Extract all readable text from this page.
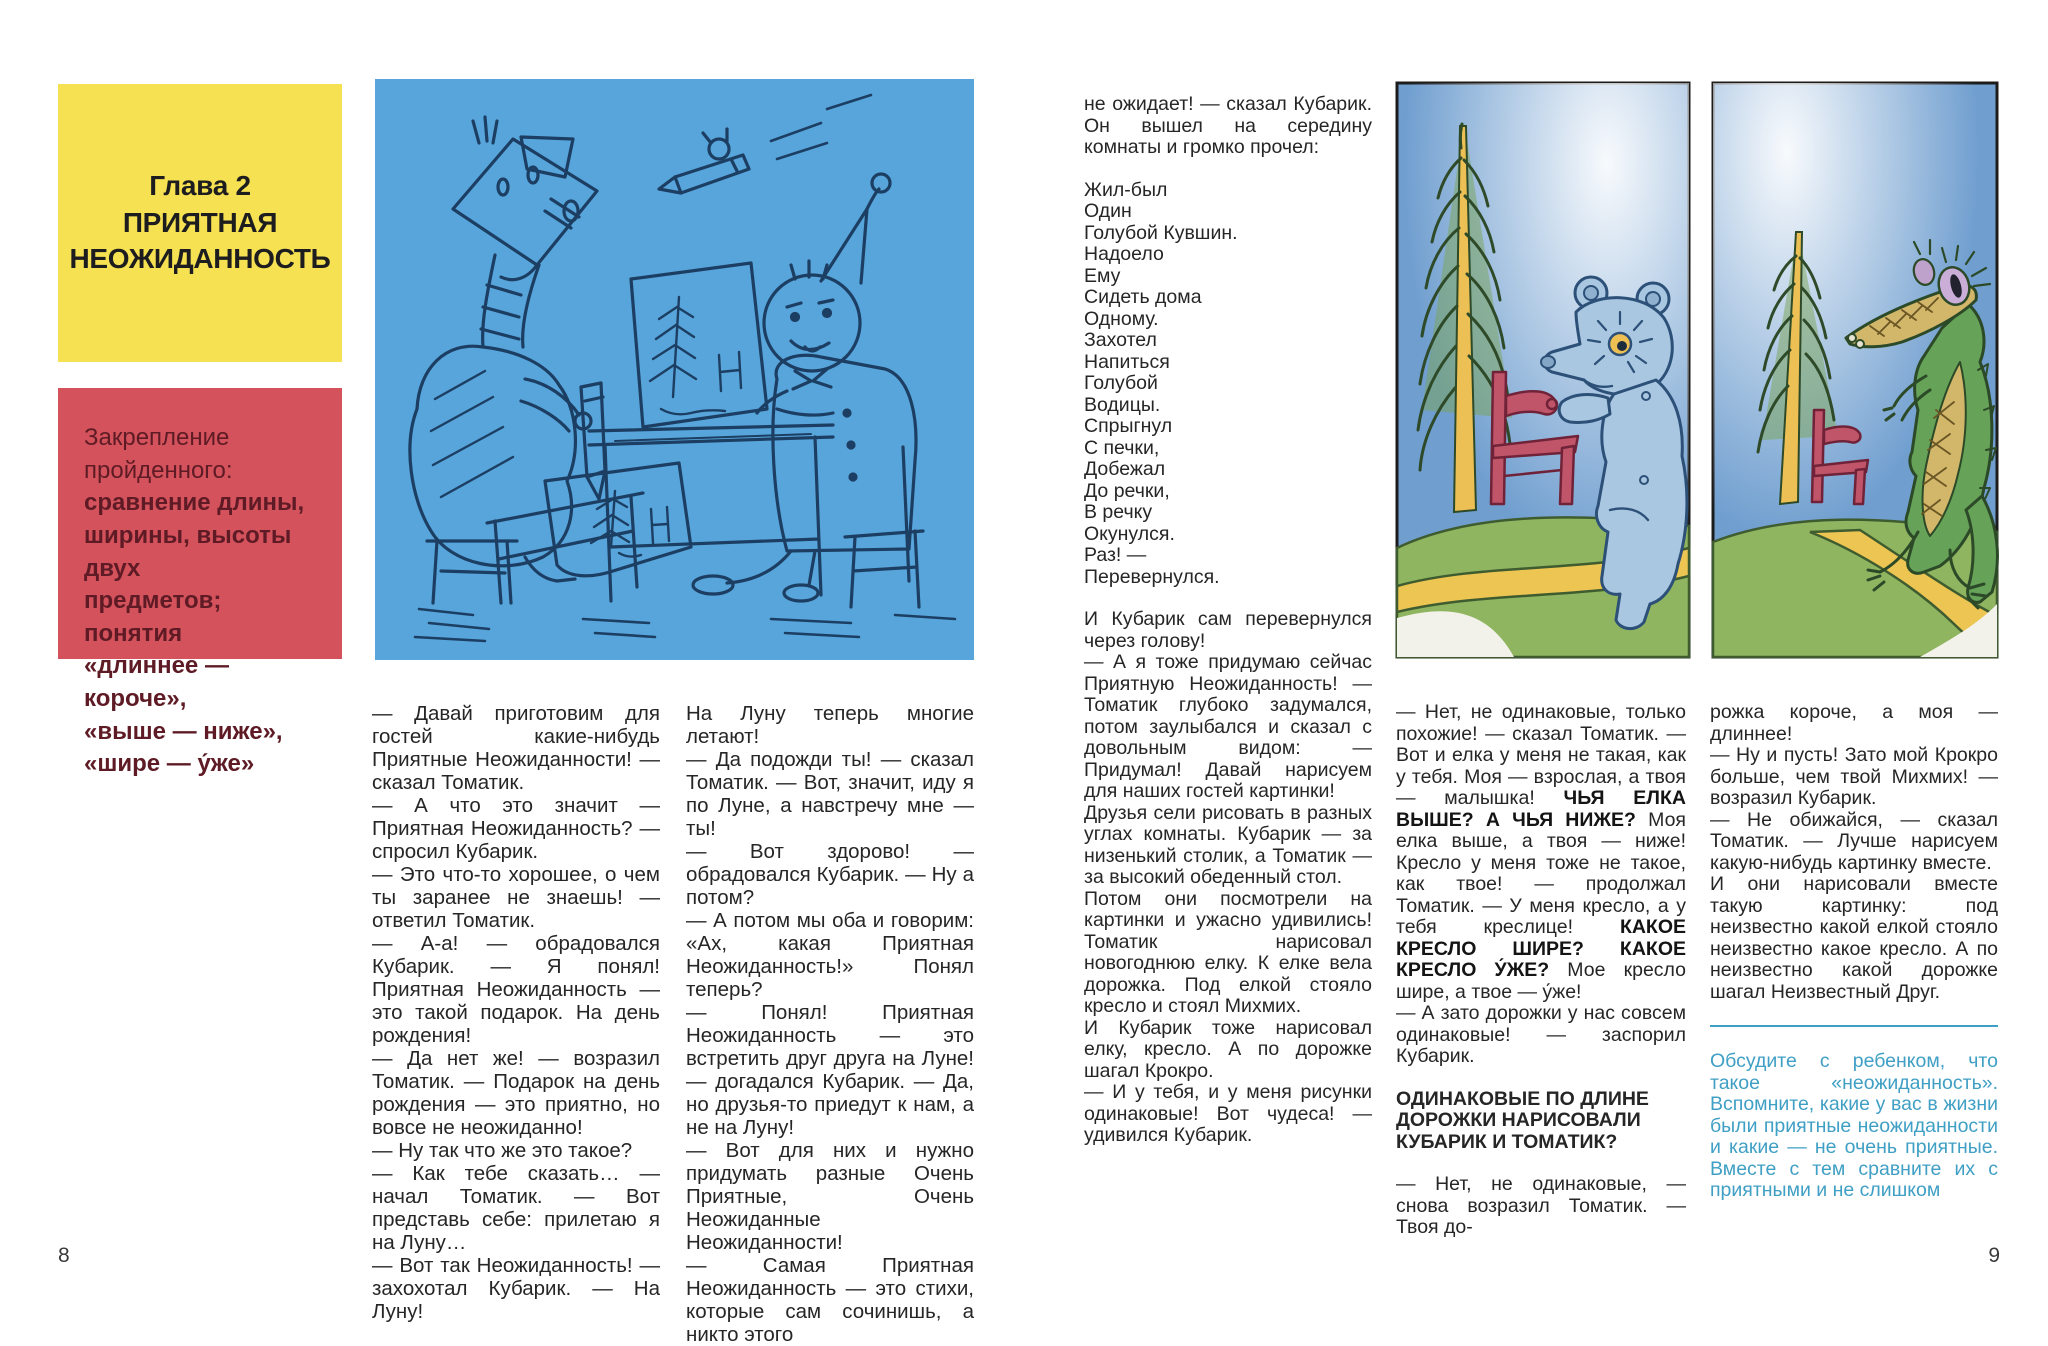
Глава 2
ПРИЯТНАЯ
НЕОЖИДАННОСТЬ
Закрепление
пройденного:
сравнение длины,
ширины, высоты двух
предметов; понятия
«длиннее — короче»,
«выше — ниже»,
«шире — у́же»

— Давай приготовим для гостей какие-нибудь Приятные Неожиданности! — сказал Томатик.

— А что это значит — Приятная Неожиданность? — спросил Кубарик.

— Это что-то хорошее, о чем ты заранее не знаешь! — ответил Томатик.

— А-а! — обрадовался Кубарик. — Я понял! Приятная Неожиданность — это такой подарок. На день рождения!

— Да нет же! — возразил Томатик. — Подарок на день рождения — это приятно, но вовсе не неожиданно!

— Ну так что же это такое?

— Как тебе сказать… — начал Томатик. — Вот представь себе: прилетаю я на Луну…

— Вот так Неожиданность! — захохотал Кубарик. — На Луну!

На Луну теперь многие летают!

— Да подожди ты! — сказал Томатик. — Вот, значит, иду я по Луне, а навстречу мне — ты!

— Вот здорово! — обрадовался Кубарик. — Ну а потом?

— А потом мы оба и говорим: «Ах, какая Приятная Неожиданность!» Понял теперь?

— Понял! Приятная Неожиданность — это встретить друг друга на Луне! — догадался Кубарик. — Да, но друзья-то приедут к нам, а не на Луну!

— Вот для них и нужно придумать разные Очень Приятные, Очень Неожиданные Неожиданности!

— Самая Приятная Неожиданность — это стихи, которые сам сочинишь, а никто этого

8

не ожидает! — сказал Кубарик. Он вышел на середину комнаты и громко прочел:

Жил-был
Один
Голубой Кувшин.
Надоело
Ему
Сидеть дома
Одному.
Захотел
Напиться
Голубой
Водицы.
Спрыгнул
С печки,
Добежал
До речки,
В речку
Окунулся.
Раз! —
Перевернулся.

И Кубарик сам перевернулся через голову!

— А я тоже придумаю сейчас Приятную Неожиданность! — Томатик глубоко задумался, потом заулыбался и сказал с довольным видом: — Придумал! Давай нарисуем для наших гостей картинки!

Друзья сели рисовать в разных углах комнаты. Кубарик — за низенький столик, а Томатик — за высокий обеденный стол.

Потом они посмотрели на картинки и ужасно удивились! Томатик нарисовал новогоднюю елку. К елке вела дорожка. Под елкой стояло кресло и стоял Михмих.

И Кубарик тоже нарисовал елку, кресло. А по дорожке шагал Крокро.

— И у тебя, и у меня рисунки одинаковые! Вот чудеса! — удивился Кубарик.

— Нет, не одинаковые, только похожие! — сказал Томатик. — Вот и елка у меня не такая, как у тебя. Моя — взрослая, а твоя — малышка! ЧЬЯ ЕЛКА ВЫШЕ? А ЧЬЯ НИЖЕ? Моя елка выше, а твоя — ниже! Кресло у меня тоже не такое, как твое! — продолжал Томатик. — У меня кресло, а у тебя креслице! КАКОЕ КРЕСЛО ШИРЕ? КАКОЕ КРЕСЛО У́ЖЕ? Мое кресло шире, а твое — у́же!

— А зато дорожки у нас совсем одинаковые! — заспорил Кубарик.

ОДИНАКОВЫЕ ПО ДЛИНЕ
ДОРОЖКИ НАРИСОВАЛИ
КУБАРИК И ТОМАТИК?

— Нет, не одинаковые, — снова возразил Томатик. — Твоя до-

рожка короче, а моя — длиннее!

— Ну и пусть! Зато мой Крокро больше, чем твой Михмих! — возразил Кубарик.

— Не обижайся, — сказал Томатик. — Лучше нарисуем какую-нибудь картинку вместе.

И они нарисовали вместе такую картинку: под неизвестно какой елкой стояло неизвестно какое кресло. А по неизвестно какой дорожке шагал Неизвестный Друг.

Обсудите с ребенком, что такое «неожиданность». Вспомните, какие у вас в жизни были приятные неожиданности и какие — не очень приятные. Вместе с тем сравните их с приятными и не слишком

9
